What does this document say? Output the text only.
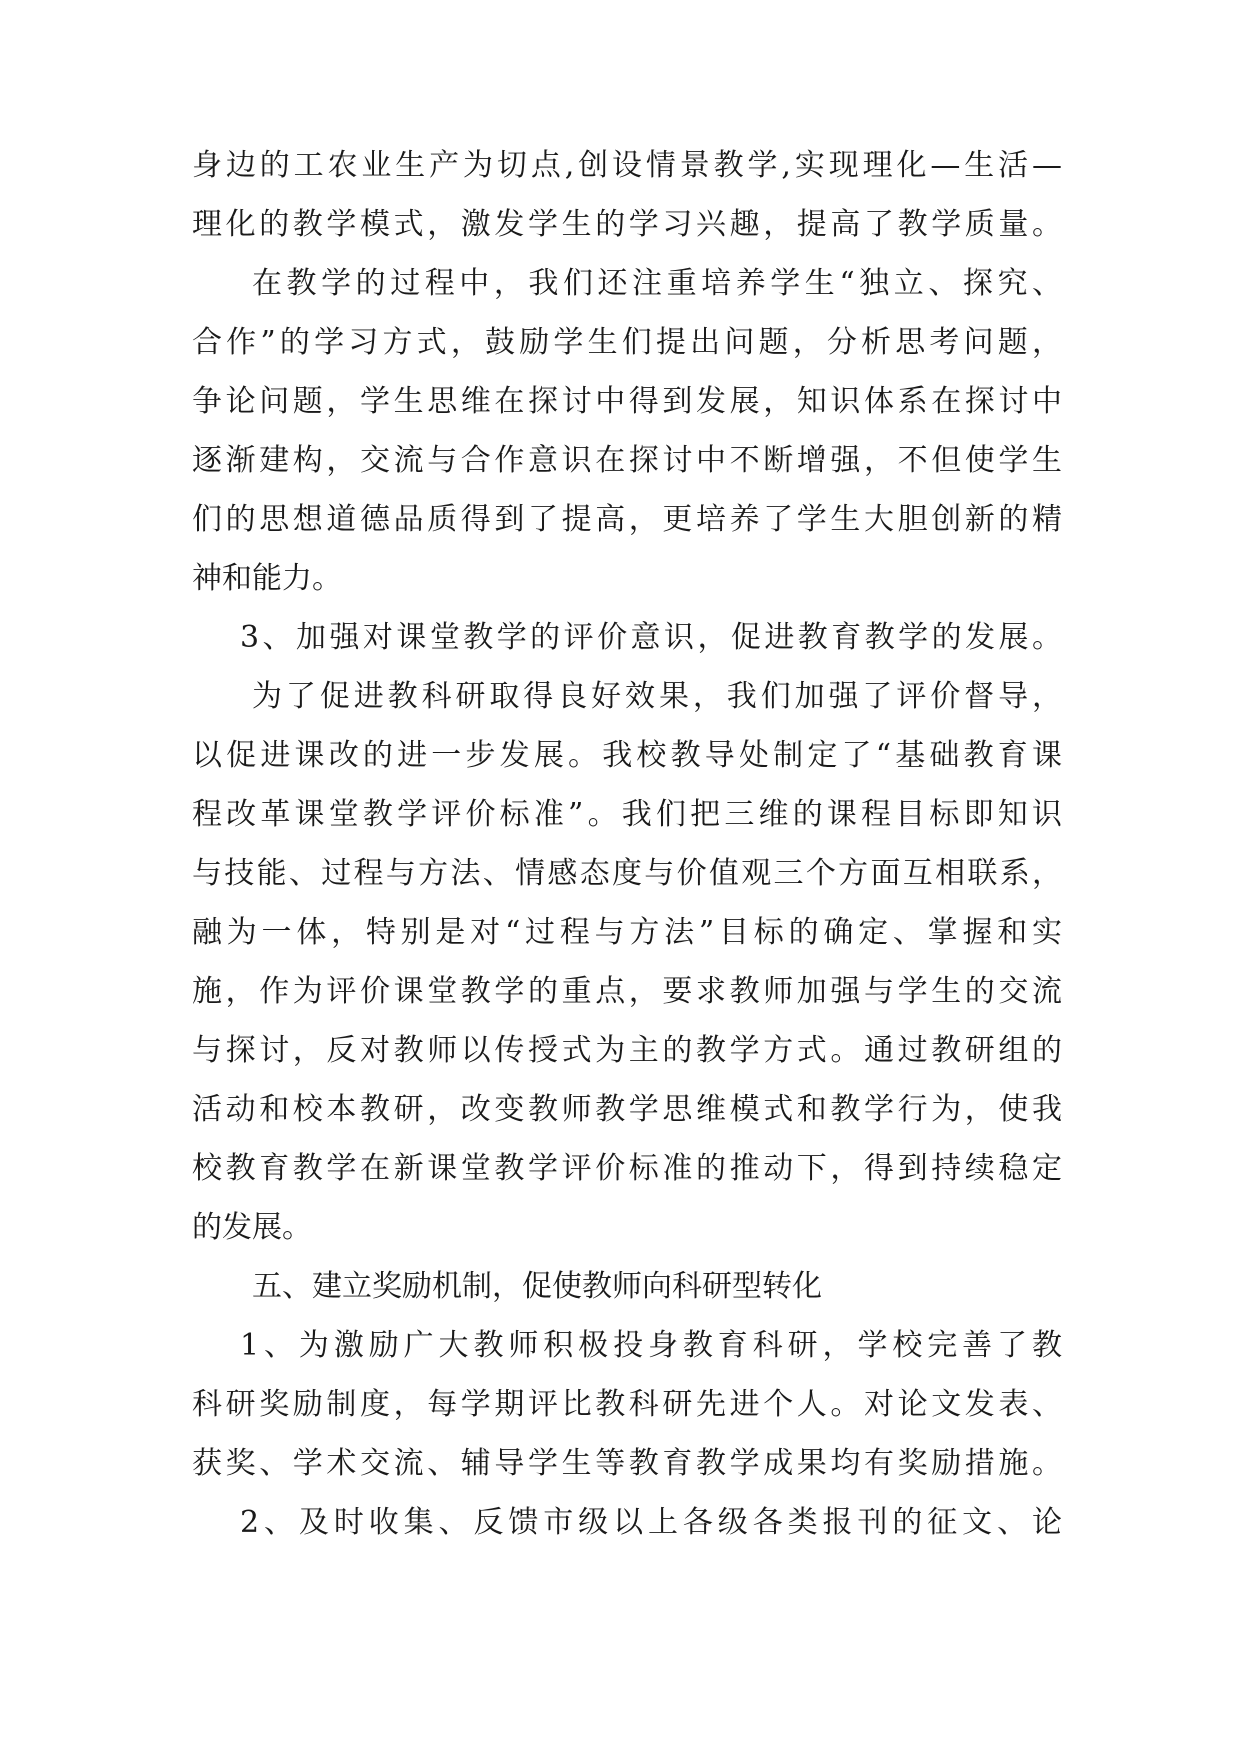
身边的工农业生产为切点,创设情景教学,实现理化—生活—
理化的教学模式，激发学生的学习兴趣，提高了教学质量。
在教学的过程中，我们还注重培养学生“独立、探究、
合作”的学习方式，鼓励学生们提出问题，分析思考问题，
争论问题，学生思维在探讨中得到发展，知识体系在探讨中
逐渐建构，交流与合作意识在探讨中不断增强，不但使学生
们的思想道德品质得到了提高，更培养了学生大胆创新的精
神和能力。
3、加强对课堂教学的评价意识，促进教育教学的发展。
为了促进教科研取得良好效果，我们加强了评价督导，
以促进课改的进一步发展。我校教导处制定了“基础教育课
程改革课堂教学评价标准”。我们把三维的课程目标即知识
与技能、过程与方法、情感态度与价值观三个方面互相联系，
融为一体，特别是对“过程与方法”目标的确定、掌握和实
施，作为评价课堂教学的重点，要求教师加强与学生的交流
与探讨，反对教师以传授式为主的教学方式。通过教研组的
活动和校本教研，改变教师教学思维模式和教学行为，使我
校教育教学在新课堂教学评价标准的推动下，得到持续稳定
的发展。
五、建立奖励机制，促使教师向科研型转化
1、为激励广大教师积极投身教育科研，学校完善了教
科研奖励制度，每学期评比教科研先进个人。对论文发表、
获奖、学术交流、辅导学生等教育教学成果均有奖励措施。
2、及时收集、反馈市级以上各级各类报刊的征文、论
